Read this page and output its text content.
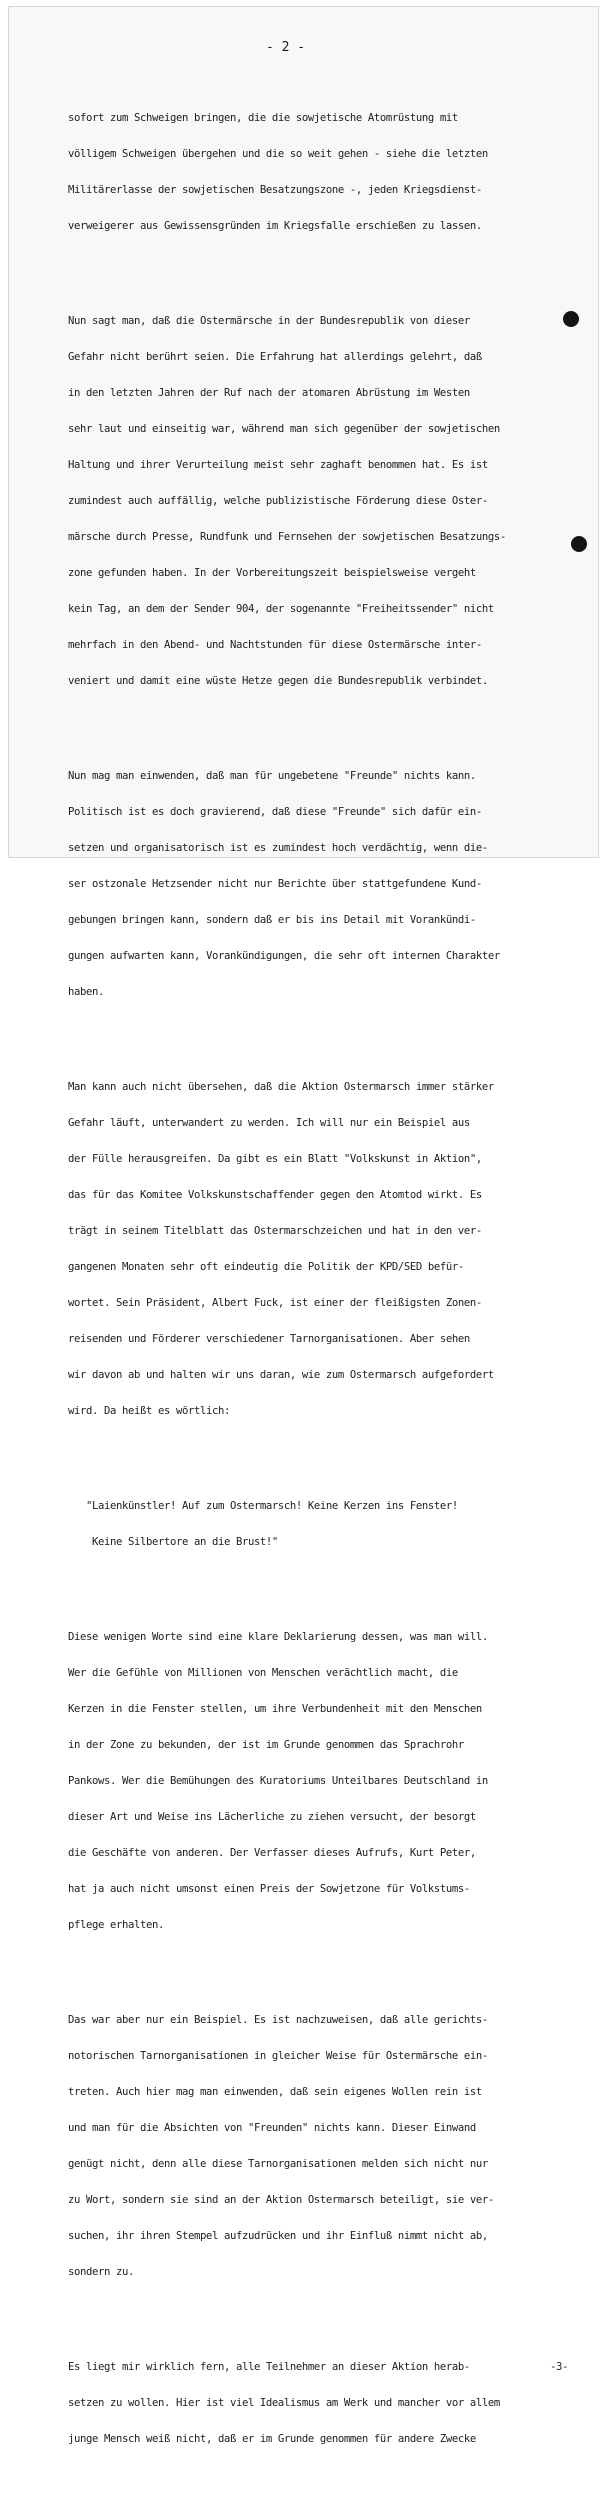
- 2 -

sofort zum Schweigen bringen, die die sowjetische Atomrüstung mit

völligem Schweigen übergehen und die so weit gehen - siehe die letzten

Militärerlasse der sowjetischen Besatzungszone -, jeden Kriegsdienst-

verweigerer aus Gewissensgründen im Kriegsfalle erschießen zu lassen.

Nun sagt man, daß die Ostermärsche in der Bundesrepublik von dieser

Gefahr nicht berührt seien. Die Erfahrung hat allerdings gelehrt, daß

in den letzten Jahren der Ruf nach der atomaren Abrüstung im Westen

sehr laut und einseitig war, während man sich gegenüber der sowjetischen

Haltung und ihrer Verurteilung meist sehr zaghaft benommen hat. Es ist

zumindest auch auffällig, welche publizistische Förderung diese Oster-

märsche durch Presse, Rundfunk und Fernsehen der sowjetischen Besatzungs-

zone gefunden haben. In der Vorbereitungszeit beispielsweise vergeht

kein Tag, an dem der Sender 904, der sogenannte "Freiheitssender" nicht

mehrfach in den Abend- und Nachtstunden für diese Ostermärsche inter-

veniert und damit eine wüste Hetze gegen die Bundesrepublik verbindet.

Nun mag man einwenden, daß man für ungebetene "Freunde" nichts kann.

Politisch ist es doch gravierend, daß diese "Freunde" sich dafür ein-

setzen und organisatorisch ist es zumindest hoch verdächtig, wenn die-

ser ostzonale Hetzsender nicht nur Berichte über stattgefundene Kund-

gebungen bringen kann, sondern daß er bis ins Detail mit Vorankündi-

gungen aufwarten kann, Vorankündigungen, die sehr oft internen Charakter

haben.

Man kann auch nicht übersehen, daß die Aktion Ostermarsch immer stärker

Gefahr läuft, unterwandert zu werden. Ich will nur ein Beispiel aus

der Fülle herausgreifen. Da gibt es ein Blatt "Volkskunst in Aktion",

das für das Komitee Volkskunstschaffender gegen den Atomtod wirkt. Es

trägt in seinem Titelblatt das Ostermarschzeichen und hat in den ver-

gangenen Monaten sehr oft eindeutig die Politik der KPD/SED befür-

wortet. Sein Präsident, Albert Fuck, ist einer der fleißigsten Zonen-

reisenden und Förderer verschiedener Tarnorganisationen. Aber sehen

wir davon ab und halten wir uns daran, wie zum Ostermarsch aufgefordert

wird. Da heißt es wörtlich:

"Laienkünstler! Auf zum Ostermarsch! Keine Kerzen ins Fenster!

Keine Silbertore an die Brust!"

Diese wenigen Worte sind eine klare Deklarierung dessen, was man will.

Wer die Gefühle von Millionen von Menschen verächtlich macht, die

Kerzen in die Fenster stellen, um ihre Verbundenheit mit den Menschen

in der Zone zu bekunden, der ist im Grunde genommen das Sprachrohr

Pankows. Wer die Bemühungen des Kuratoriums Unteilbares Deutschland in

dieser Art und Weise ins Lächerliche zu ziehen versucht, der besorgt

die Geschäfte von anderen. Der Verfasser dieses Aufrufs, Kurt Peter,

hat ja auch nicht umsonst einen Preis der Sowjetzone für Volkstums-

pflege erhalten.

Das war aber nur ein Beispiel. Es ist nachzuweisen, daß alle gerichts-

notorischen Tarnorganisationen in gleicher Weise für Ostermärsche ein-

treten. Auch hier mag man einwenden, daß sein eigenes Wollen rein ist

und man für die Absichten von "Freunden" nichts kann. Dieser Einwand

genügt nicht, denn alle diese Tarnorganisationen melden sich nicht nur

zu Wort, sondern sie sind an der Aktion Ostermarsch beteiligt, sie ver-

suchen, ihr ihren Stempel aufzudrücken und ihr Einfluß nimmt nicht ab,

sondern zu.

Es liegt mir wirklich fern, alle Teilnehmer an dieser Aktion herab-

setzen zu wollen. Hier ist viel Idealismus am Werk und mancher vor allem

junge Mensch weiß nicht, daß er im Grunde genommen für andere Zwecke

-3-
